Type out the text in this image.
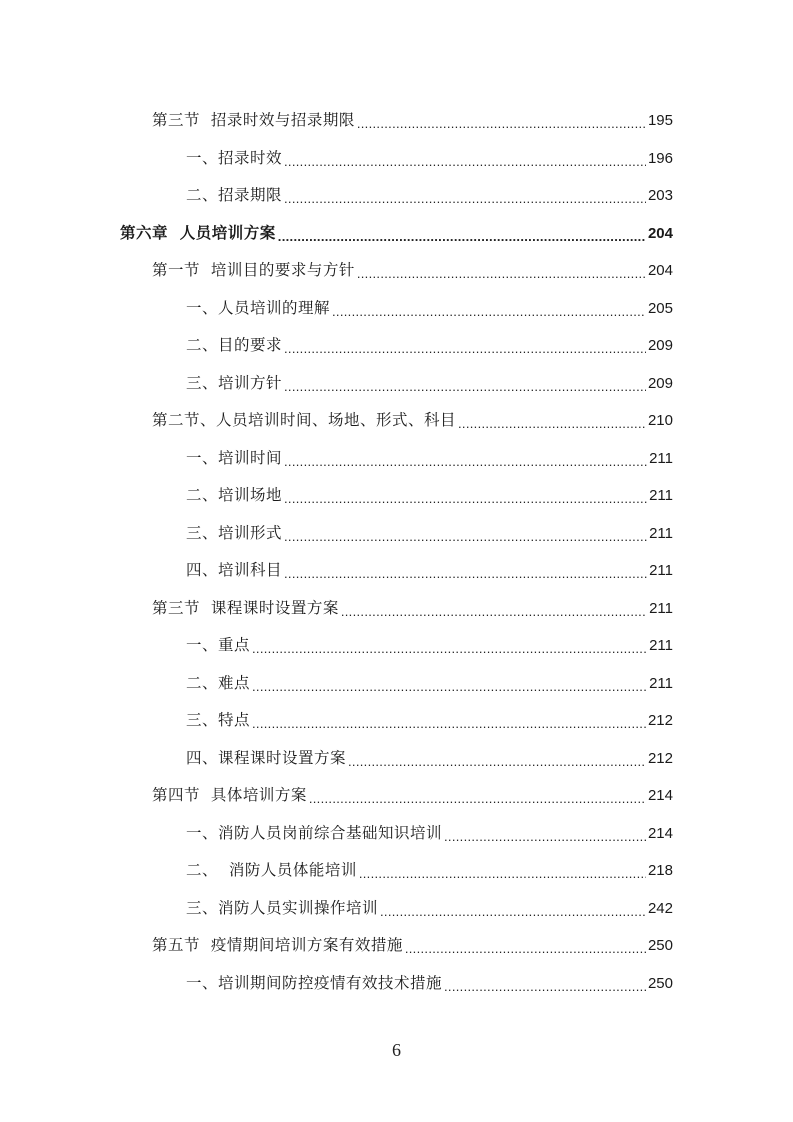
第三节  招录时效与招录期限 .....	195
一、招录时效 .....	196
二、招录期限 .....	203
第六章  人员培训方案 .....	204
第一节  培训目的要求与方针 .....	204
一、人员培训的理解 .....	205
二、目的要求 .....	209
三、培训方针 .....	209
第二节、人员培训时间、场地、形式、科目 .....	210
一、培训时间 .....	211
二、培训场地 .....	211
三、培训形式 .....	211
四、培训科目 .....	211
第三节  课程课时设置方案 .....	211
一、重点 .....	211
二、难点 .....	211
三、特点 .....	212
四、课程课时设置方案 .....	212
第四节  具体培训方案 .....	214
一、消防人员岗前综合基础知识培训 .....	214
二、  消防人员体能培训 .....	218
三、消防人员实训操作培训 .....	242
第五节  疫情期间培训方案有效措施 .....	250
一、培训期间防控疫情有效技术措施 .....	250
6
